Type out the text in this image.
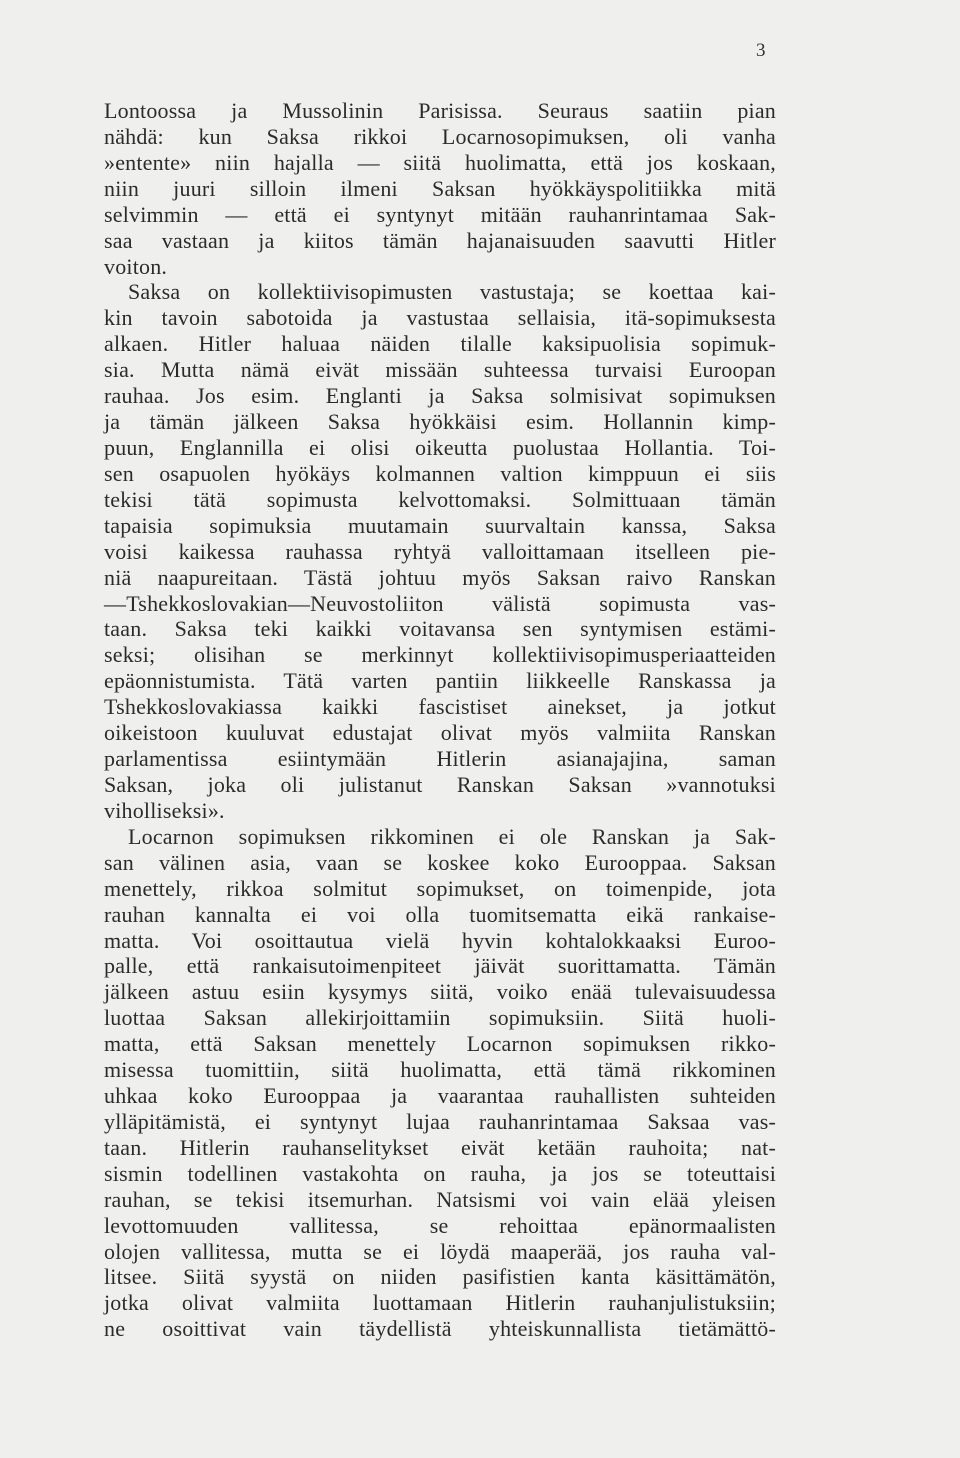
3
Lontoossa ja Mussolinin Parisissa. Seuraus saatiin pian
nähdä: kun Saksa rikkoi Locarnosopimuksen, oli vanha
»entente» niin hajalla — siitä huolimatta, että jos koskaan,
niin juuri silloin ilmeni Saksan hyökkäyspolitiikka mitä
selvimmin — että ei syntynyt mitään rauhanrintamaa Sak-
saa vastaan ja kiitos tämän hajanaisuuden saavutti Hitler
voiton.
Saksa on kollektiivisopimusten vastustaja; se koettaa kai-
kin tavoin sabotoida ja vastustaa sellaisia, itä-sopimuksesta
alkaen. Hitler haluaa näiden tilalle kaksipuolisia sopimuk-
sia. Mutta nämä eivät missään suhteessa turvaisi Euroopan
rauhaa. Jos esim. Englanti ja Saksa solmisivat sopimuksen
ja tämän jälkeen Saksa hyökkäisi esim. Hollannin kimp-
puun, Englannilla ei olisi oikeutta puolustaa Hollantia. Toi-
sen osapuolen hyökäys kolmannen valtion kimppuun ei siis
tekisi tätä sopimusta kelvottomaksi. Solmittuaan tämän
tapaisia sopimuksia muutamain suurvaltain kanssa, Saksa
voisi kaikessa rauhassa ryhtyä valloittamaan itselleen pie-
niä naapureitaan. Tästä johtuu myös Saksan raivo Ranskan
—Tshekkoslovakian—Neuvostoliiton välistä sopimusta vas-
taan. Saksa teki kaikki voitavansa sen syntymisen estämi-
seksi; olisihan se merkinnyt kollektiivisopimusperiaatteiden
epäonnistumista. Tätä varten pantiin liikkeelle Ranskassa ja
Tshekkoslovakiassa kaikki fascistiset ainekset, ja jotkut
oikeistoon kuuluvat edustajat olivat myös valmiita Ranskan
parlamentissa esiintymään Hitlerin asianajajina, saman
Saksan, joka oli julistanut Ranskan Saksan »vannotuksi
viholliseksi».
Locarnon sopimuksen rikkominen ei ole Ranskan ja Sak-
san välinen asia, vaan se koskee koko Eurooppaa. Saksan
menettely, rikkoa solmitut sopimukset, on toimenpide, jota
rauhan kannalta ei voi olla tuomitsematta eikä rankaise-
matta. Voi osoittautua vielä hyvin kohtalokkaaksi Euroo-
palle, että rankaisutoimenpiteet jäivät suorittamatta. Tämän
jälkeen astuu esiin kysymys siitä, voiko enää tulevaisuudessa
luottaa Saksan allekirjoittamiin sopimuksiin. Siitä huoli-
matta, että Saksan menettely Locarnon sopimuksen rikko-
misessa tuomittiin, siitä huolimatta, että tämä rikkominen
uhkaa koko Eurooppaa ja vaarantaa rauhallisten suhteiden
ylläpitämistä, ei syntynyt lujaa rauhanrintamaa Saksaa vas-
taan. Hitlerin rauhanselitykset eivät ketään rauhoita; nat-
sismin todellinen vastakohta on rauha, ja jos se toteuttaisi
rauhan, se tekisi itsemurhan. Natsismi voi vain elää yleisen
levottomuuden vallitessa, se rehoittaa epänormaalisten
olojen vallitessa, mutta se ei löydä maaperää, jos rauha val-
litsee. Siitä syystä on niiden pasifistien kanta käsittämätön,
jotka olivat valmiita luottamaan Hitlerin rauhanjulistuksiin;
ne osoittivat vain täydellistä yhteiskunnallista tietämättö-
